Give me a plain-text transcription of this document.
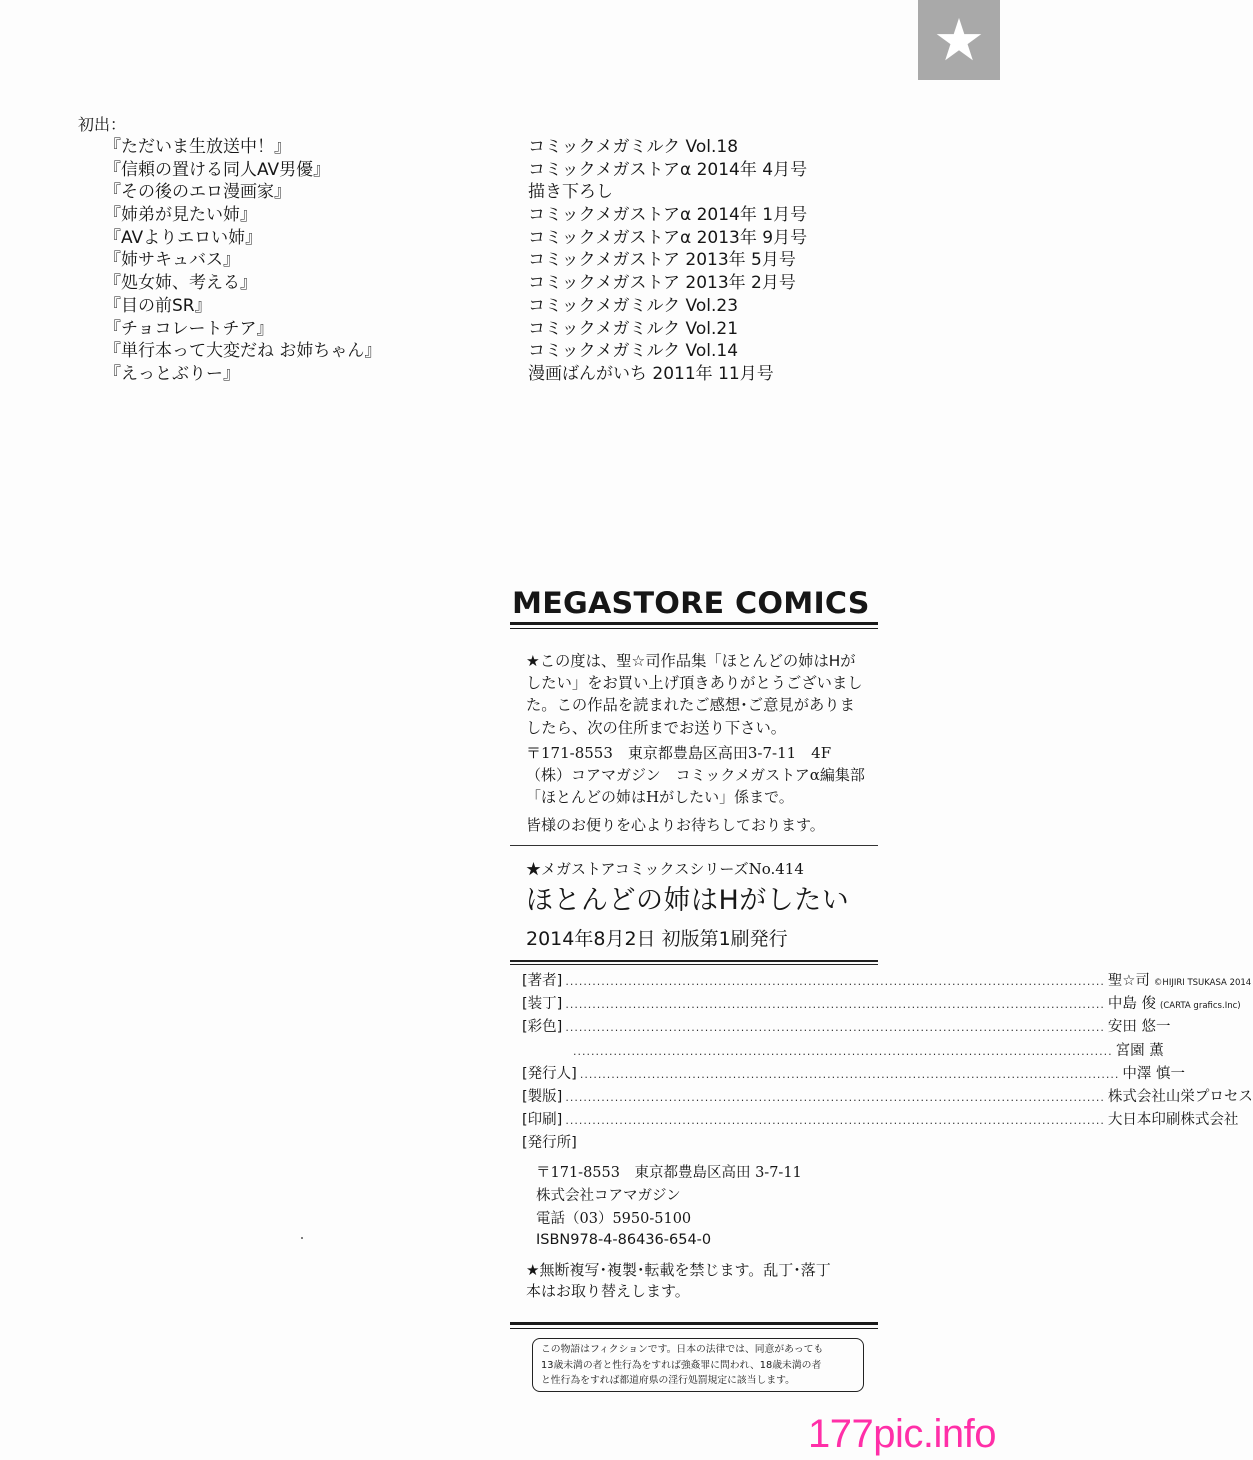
★
初出：
『ただいま生放送中！』	コミックメガミルク Vol.18
『信頼の置ける同人AV男優』	コミックメガストアα 2014年 4月号
『その後のエロ漫画家』	描き下ろし
『姉弟が見たい姉』	コミックメガストアα 2014年 1月号
『AVよりエロい姉』	コミックメガストアα 2013年 9月号
『姉サキュバス』	コミックメガストア 2013年 5月号
『処女姉、考える』	コミックメガストア 2013年 2月号
『目の前SR』	コミックメガミルク Vol.23
『チョコレートチア』	コミックメガミルク Vol.21
『単行本って大変だね お姉ちゃん』	コミックメガミルク Vol.14
『えっとぶりー』	漫画ばんがいち 2011年 11月号
MEGASTORE COMICS

★この度は、聖☆司作品集「ほとんどの姉はHが

したい」をお買い上げ頂きありがとうございまし

た。この作品を読まれたご感想･ご意見がありま

したら、次の住所までお送り下さい。

〒171-8553　東京都豊島区高田3-7-11　4F

（株）コアマガジン　コミックメガストアα編集部

「ほとんどの姉はHがしたい」係まで。

皆様のお便りを心よりお待ちしております。
★メガストアコミックスシリーズNo.414
ほとんどの姉はHがしたい
2014年8月2日 初版第1刷発行
[著者] ........................................................................................................................ 聖☆司 ©HIJIRI TSUKASA 2014
[装丁] ........................................................................................................................ 中島 俊 (CARTA grafics.Inc)
[彩色] ........................................................................................................................ 安田 悠一
........................................................................................................................ 宮園 薫
[発行人] ........................................................................................................................ 中澤 慎一
[製版] ........................................................................................................................ 株式会社山栄プロセス
[印刷] ........................................................................................................................ 大日本印刷株式会社
[発行所]

〒171-8553　東京都豊島区高田 3-7-11

株式会社コアマガジン

電話（03）5950-5100

ISBN978-4-86436-654-0

★無断複写･複製･転載を禁じます。乱丁･落丁

本はお取り替えします。

この物語はフィクションです。日本の法律では、同意があっても

13歳未満の者と性行為をすれば強姦罪に問われ、18歳未満の者

と性行為をすれば都道府県の淫行処罰規定に該当します。

177pic.info
